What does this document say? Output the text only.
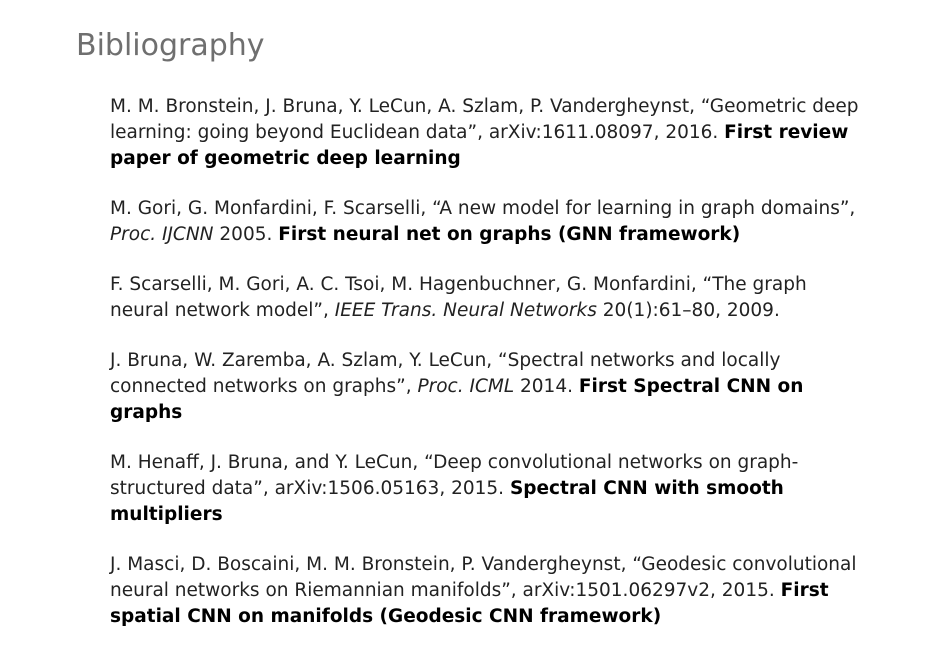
Bibliography

M. M. Bronstein, J. Bruna, Y. LeCun, A. Szlam, P. Vandergheynst, “Geometric deep learning: going beyond Euclidean data”, arXiv:1611.08097, 2016. First review paper of geometric deep learning

M. Gori, G. Monfardini, F. Scarselli, “A new model for learning in graph domains”, Proc. IJCNN 2005. First neural net on graphs (GNN framework)

F. Scarselli, M. Gori, A. C. Tsoi, M. Hagenbuchner, G. Monfardini, “The graph neural network model”, IEEE Trans. Neural Networks 20(1):61–80, 2009.

J. Bruna, W. Zaremba, A. Szlam, Y. LeCun, “Spectral networks and locally connected networks on graphs”, Proc. ICML 2014. First Spectral CNN on graphs

M. Henaff, J. Bruna, and Y. LeCun, “Deep convolutional networks on graph-structured data”, arXiv:1506.05163, 2015. Spectral CNN with smooth multipliers

J. Masci, D. Boscaini, M. M. Bronstein, P. Vandergheynst, “Geodesic convolutional neural networks on Riemannian manifolds”, arXiv:1501.06297v2, 2015. First spatial CNN on manifolds (Geodesic CNN framework)
